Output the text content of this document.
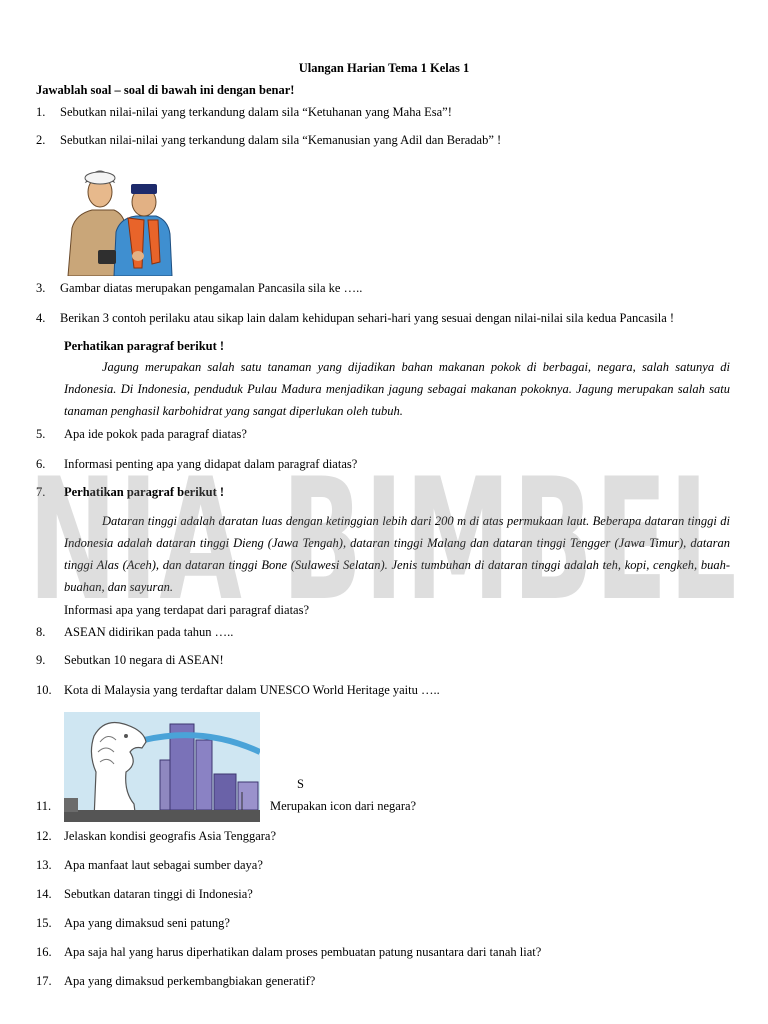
Ulangan Harian Tema 1 Kelas 1

Jawablah soal – soal di bawah ini dengan benar!

1. Sebutkan nilai-nilai yang terkandung dalam sila “Ketuhanan yang Maha Esa”!

2. Sebutkan nilai-nilai yang terkandung dalam sila “Kemanusian yang Adil dan Beradab” !

3. Gambar diatas merupakan pengamalan Pancasila sila ke …..

4. Berikan 3 contoh perilaku atau sikap lain dalam kehidupan sehari-hari yang sesuai dengan nilai-nilai sila kedua Pancasila !

Perhatikan paragraf berikut !

Jagung merupakan salah satu tanaman yang dijadikan bahan makanan pokok di berbagai, negara, salah satunya di Indonesia. Di Indonesia, penduduk Pulau Madura menjadikan jagung sebagai makanan pokoknya. Jagung merupakan salah satu tanaman penghasil karbohidrat yang sangat diperlukan oleh tubuh.

5. Apa ide pokok pada paragraf diatas?

6. Informasi penting apa yang didapat dalam paragraf diatas?

7. Perhatikan paragraf berikut !

Dataran tinggi adalah daratan luas dengan ketinggian lebih dari 200 m di atas permukaan laut. Beberapa dataran tinggi di Indonesia adalah dataran tinggi Dieng (Jawa Tengah), dataran tinggi Malang dan dataran tinggi Tengger (Jawa Timur), dataran tinggi Alas (Aceh), dan dataran tinggi Bone (Sulawesi Selatan). Jenis tumbuhan di dataran tinggi adalah teh, kopi, cengkeh, buah-buahan, dan sayuran.

Informasi apa yang terdapat dari paragraf diatas?

8. ASEAN didirikan pada tahun …..

9. Sebutkan 10 negara di ASEAN!

10. Kota di Malaysia yang terdaftar dalam UNESCO World Heritage yaitu …..

S

11.	Merupakan icon dari negara?

12. Jelaskan kondisi geografis Asia Tenggara?

13. Apa manfaat laut sebagai sumber daya?

14. Sebutkan dataran tinggi di Indonesia?

15. Apa yang dimaksud seni patung?

16. Apa saja hal yang harus diperhatikan dalam proses pembuatan patung nusantara dari tanah liat?

17. Apa yang dimaksud perkembangbiakan generatif?

NIA BIMBEL
